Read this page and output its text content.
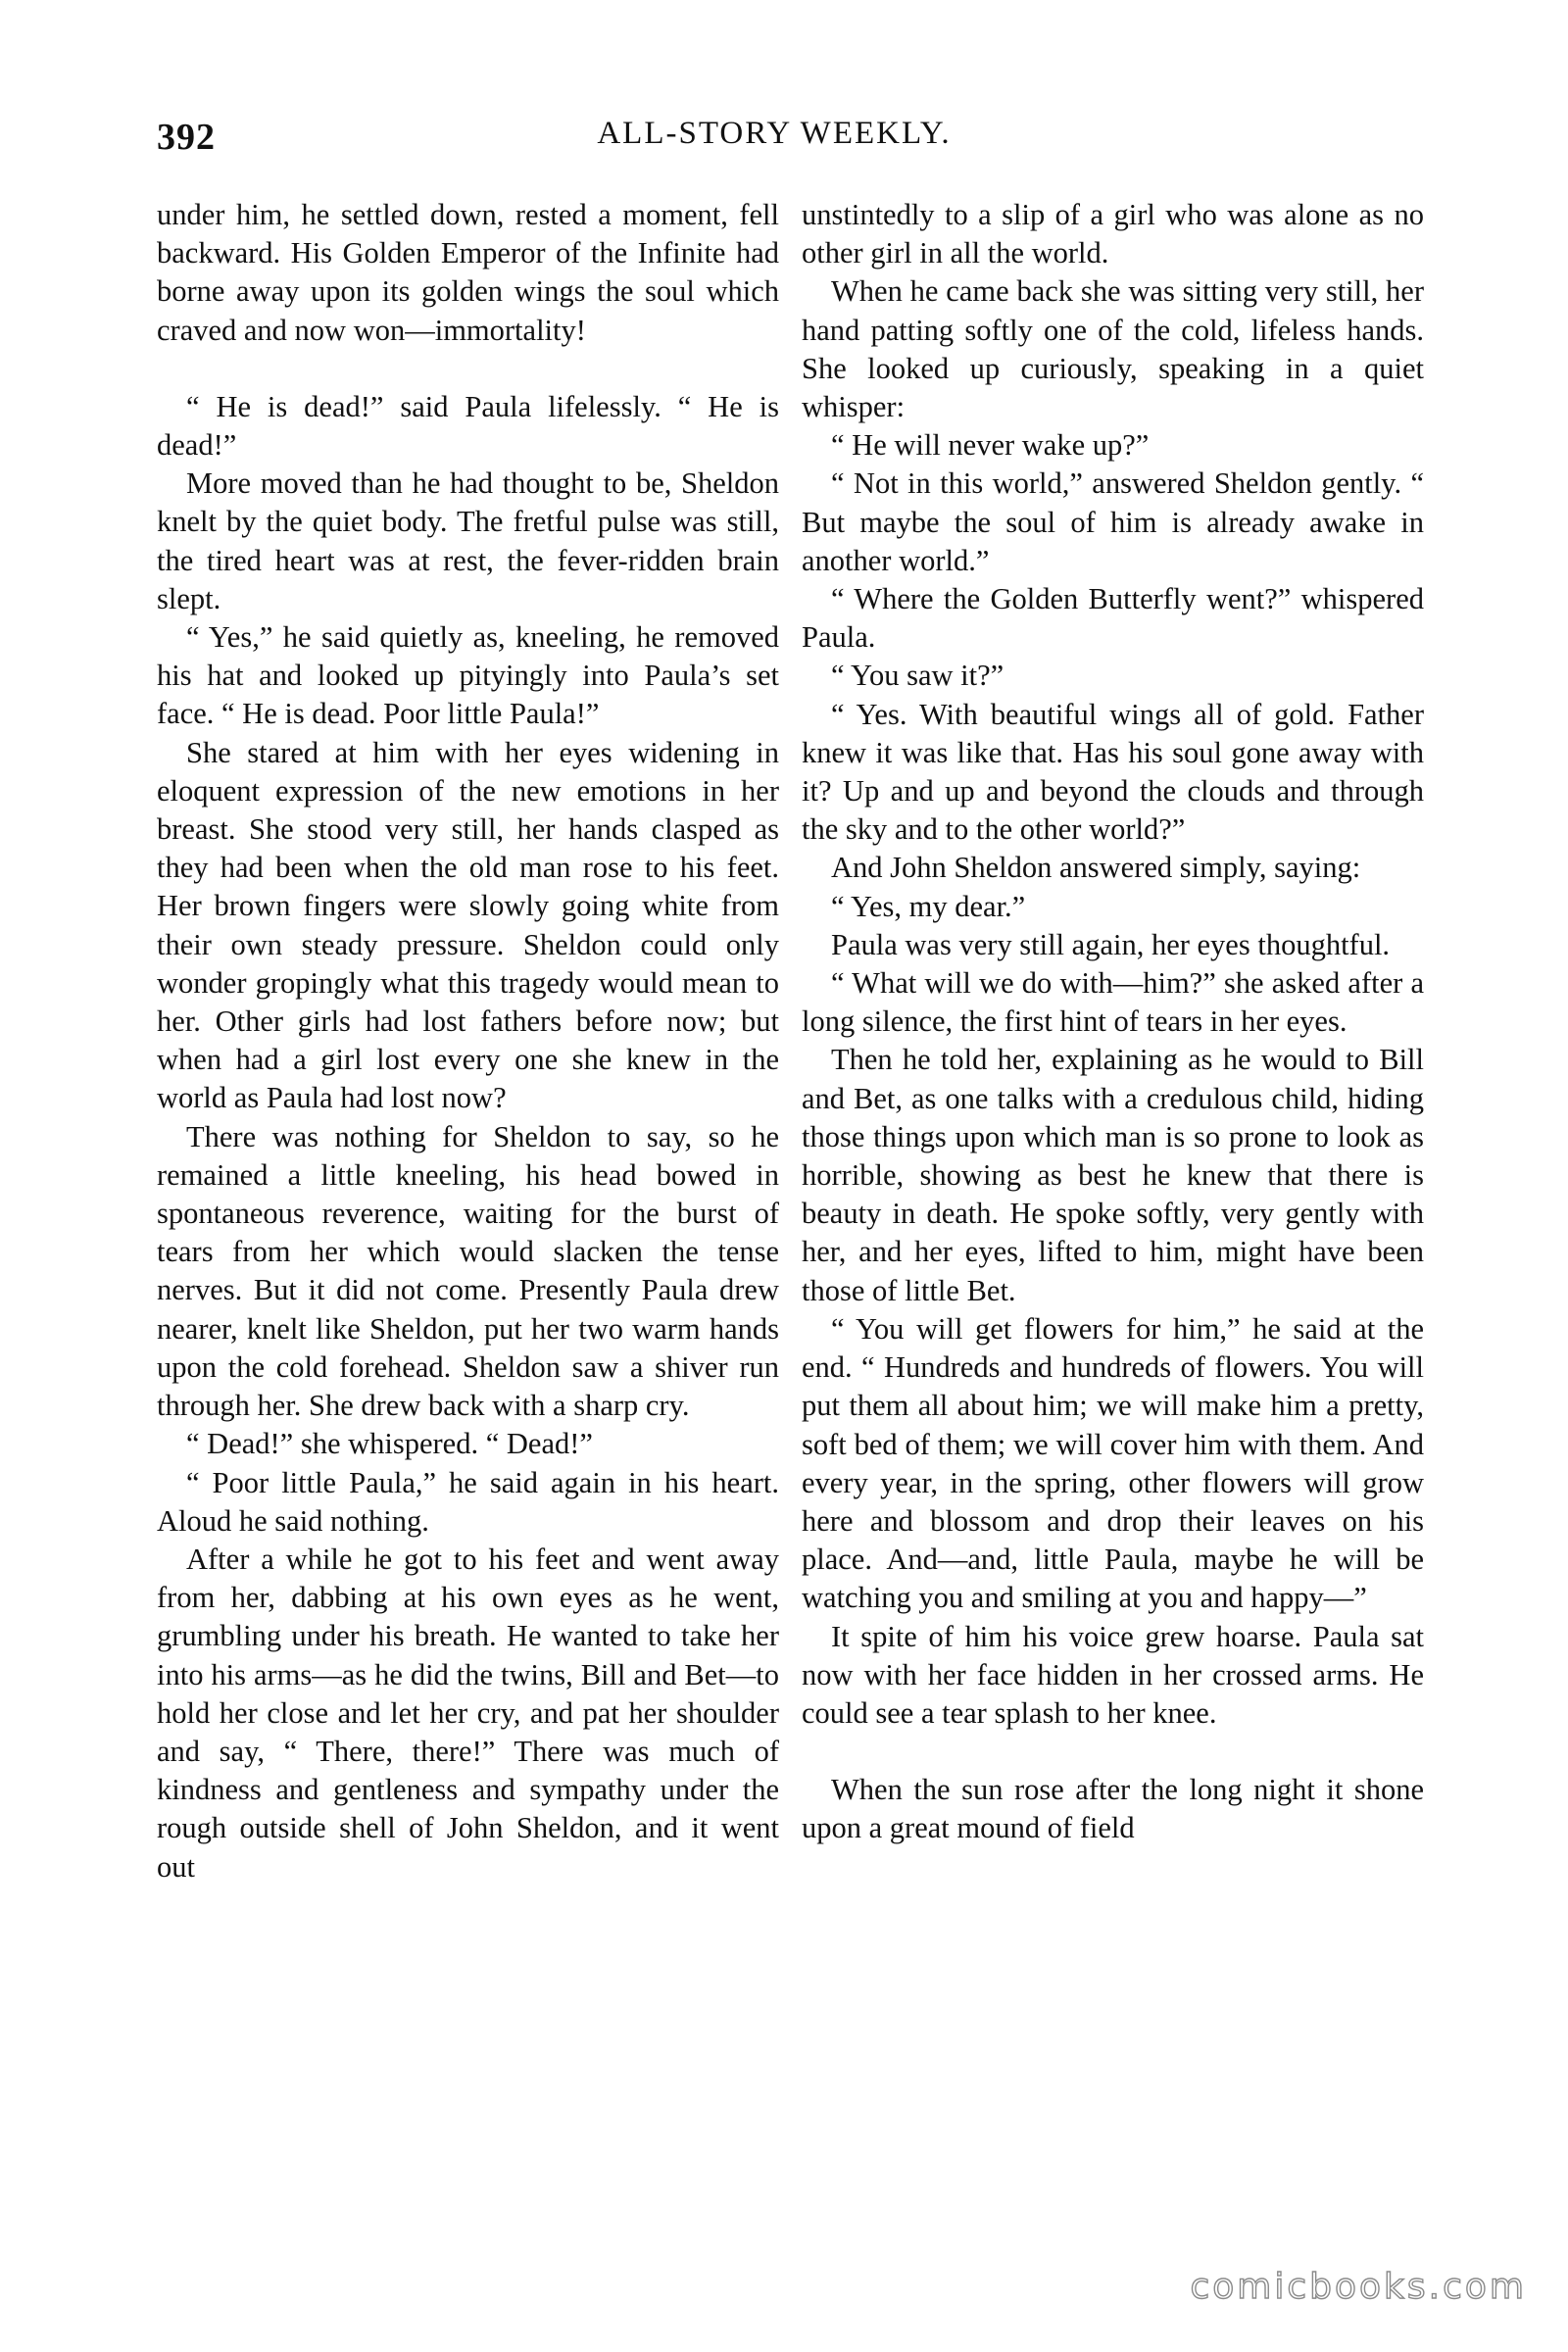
392	ALL-STORY WEEKLY.

under him, he settled down, rested a moment, fell backward. His Golden Emperor of the Infinite had borne away upon its golden wings the soul which craved and now won—immortality!

“ He is dead!” said Paula lifelessly. “ He is dead!”

More moved than he had thought to be, Sheldon knelt by the quiet body. The fretful pulse was still, the tired heart was at rest, the fever-ridden brain slept.

“ Yes,” he said quietly as, kneeling, he removed his hat and looked up pityingly into Paula’s set face. “ He is dead. Poor little Paula!”

She stared at him with her eyes widening in eloquent expression of the new emotions in her breast. She stood very still, her hands clasped as they had been when the old man rose to his feet. Her brown fingers were slowly going white from their own steady pressure. Sheldon could only wonder gropingly what this tragedy would mean to her. Other girls had lost fathers before now; but when had a girl lost every one she knew in the world as Paula had lost now?

There was nothing for Sheldon to say, so he remained a little kneeling, his head bowed in spontaneous reverence, waiting for the burst of tears from her which would slacken the tense nerves. But it did not come. Presently Paula drew nearer, knelt like Sheldon, put her two warm hands upon the cold forehead. Sheldon saw a shiver run through her. She drew back with a sharp cry.

“ Dead!” she whispered. “ Dead!”

“ Poor little Paula,” he said again in his heart. Aloud he said nothing.

After a while he got to his feet and went away from her, dabbing at his own eyes as he went, grumbling under his breath. He wanted to take her into his arms—as he did the twins, Bill and Bet—to hold her close and let her cry, and pat her shoulder and say, “ There, there!” There was much of kindness and gentleness and sympathy under the rough outside shell of John Sheldon, and it went out

unstintedly to a slip of a girl who was alone as no other girl in all the world.

When he came back she was sitting very still, her hand patting softly one of the cold, lifeless hands. She looked up curiously, speaking in a quiet whisper:

“ He will never wake up?”

“ Not in this world,” answered Sheldon gently. “ But maybe the soul of him is already awake in another world.”

“ Where the Golden Butterfly went?” whispered Paula.

“ You saw it?”

“ Yes. With beautiful wings all of gold. Father knew it was like that. Has his soul gone away with it? Up and up and beyond the clouds and through the sky and to the other world?”

And John Sheldon answered simply, saying:

“ Yes, my dear.”

Paula was very still again, her eyes thoughtful.

“ What will we do with—him?” she asked after a long silence, the first hint of tears in her eyes.

Then he told her, explaining as he would to Bill and Bet, as one talks with a credulous child, hiding those things upon which man is so prone to look as horrible, showing as best he knew that there is beauty in death. He spoke softly, very gently with her, and her eyes, lifted to him, might have been those of little Bet.

“ You will get flowers for him,” he said at the end. “ Hundreds and hundreds of flowers. You will put them all about him; we will make him a pretty, soft bed of them; we will cover him with them. And every year, in the spring, other flowers will grow here and blossom and drop their leaves on his place. And—and, little Paula, maybe he will be watching you and smiling at you and happy—”

It spite of him his voice grew hoarse. Paula sat now with her face hidden in her crossed arms. He could see a tear splash to her knee.

When the sun rose after the long night it shone upon a great mound of field

comicbooks.com
